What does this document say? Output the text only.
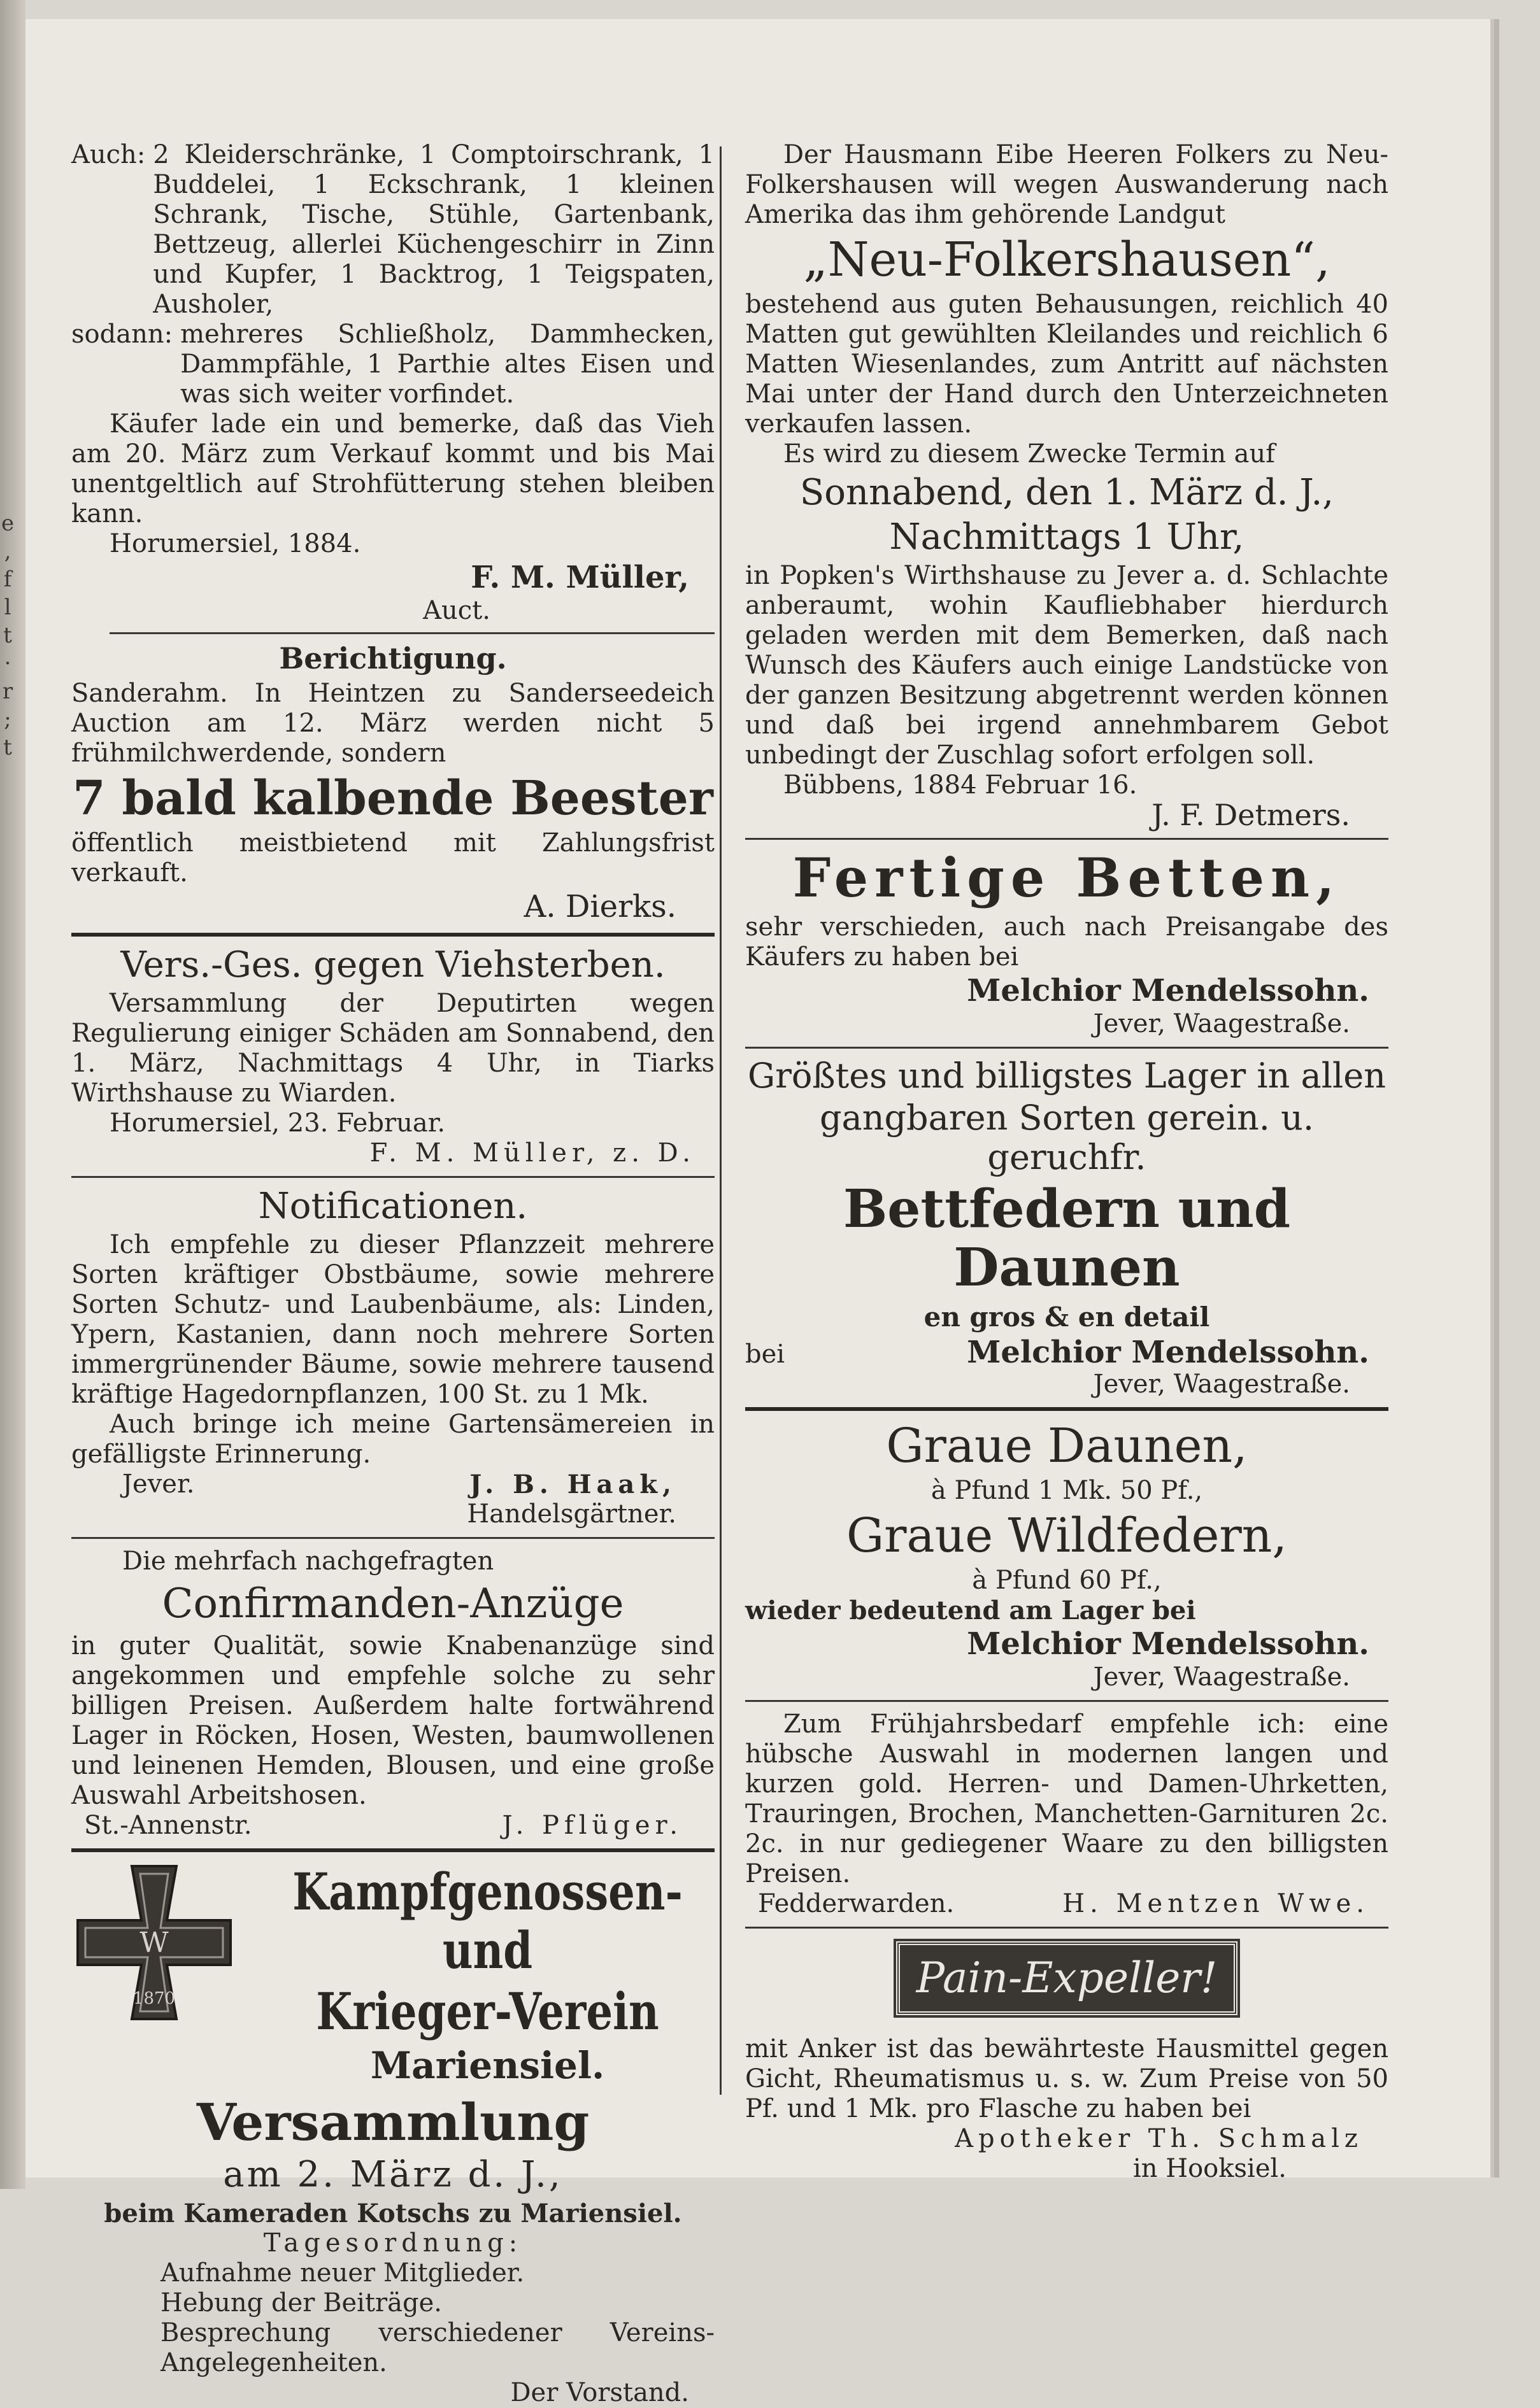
e
,
f
l
t
·
r
;
t
Auch: 2 Kleiderschränke, 1 Comptoirschrank, 1 Buddelei, 1 Eckschrank, 1 kleinen Schrank, Tische, Stühle, Gartenbank, Bettzeug, allerlei Küchengeschirr in Zinn und Kupfer, 1 Backtrog, 1 Teigspaten, Ausholer,
sodann: mehreres Schließholz, Dammhecken, Dammpfähle, 1 Parthie altes Eisen und was sich weiter vorfindet.

Käufer lade ein und bemerke, daß das Vieh am 20. März zum Verkauf kommt und bis Mai unentgeltlich auf Strohfütterung stehen bleiben kann.

Horumersiel, 1884.

F. M. Müller,

Auct.

Berichtigung.

Sanderahm. In Heintzen zu Sanderseedeich Auction am 12. März werden nicht 5 frühmilchwerdende, sondern

7 bald kalbende Beester

öffentlich meistbietend mit Zahlungsfrist verkauft.

A. Dierks.
Vers.-Ges. gegen Viehsterben.

Versammlung der Deputirten wegen Regulierung einiger Schäden am Sonnabend, den 1. März, Nachmittags 4 Uhr, in Tiarks Wirthshause zu Wiarden.

Horumersiel, 23. Februar.

F. M. Müller, z. D.

Notificationen.

Ich empfehle zu dieser Pflanzzeit mehrere Sorten kräftiger Obstbäume, sowie mehrere Sorten Schutz- und Laubenbäume, als: Linden, Ypern, Kastanien, dann noch mehrere Sorten immergrünender Bäume, sowie mehrere tausend kräftige Hagedornpflanzen, 100 St. zu 1 Mk.

Auch bringe ich meine Gartensämereien in gefälligste Erinnerung.

Jever.	J. B. Haak,

Handelsgärtner.

Die mehrfach nachgefragten

Confirmanden-Anzüge

in guter Qualität, sowie Knabenanzüge sind angekommen und empfehle solche zu sehr billigen Preisen. Außerdem halte fortwährend Lager in Röcken, Hosen, Westen, baumwollenen und leinenen Hemden, Blousen, und eine große Auswahl Arbeitshosen.

St.-Annenstr.	J. Pflüger.
W
1870
Kampfgenossen- und
Krieger-Verein
Mariensiel.
Versammlung
am 2. März d. J.,

beim Kameraden Kotschs zu Mariensiel.

Tagesordnung:

Aufnahme neuer Mitglieder.

Hebung der Beiträge.

Besprechung verschiedener Vereins-Angelegenheiten.

Der Vorstand.

Der Hausmann Eibe Heeren Folkers zu Neu-Folkershausen will wegen Auswanderung nach Amerika das ihm gehörende Landgut

„Neu-Folkershausen“,

bestehend aus guten Behausungen, reichlich 40 Matten gut gewühlten Kleilandes und reichlich 6 Matten Wiesenlandes, zum Antritt auf nächsten Mai unter der Hand durch den Unterzeichneten verkaufen lassen.

Es wird zu diesem Zwecke Termin auf

Sonnabend, den 1. März d. J.,
Nachmittags 1 Uhr,

in Popken's Wirthshause zu Jever a. d. Schlachte anberaumt, wohin Kaufliebhaber hierdurch geladen werden mit dem Bemerken, daß nach Wunsch des Käufers auch einige Landstücke von der ganzen Besitzung abgetrennt werden können und daß bei irgend annehmbarem Gebot unbedingt der Zuschlag sofort erfolgen soll.

Bübbens, 1884 Februar 16.

J. F. Detmers.

Fertige Betten,

sehr verschieden, auch nach Preisangabe des Käufers zu haben bei

Melchior Mendelssohn.

Jever, Waagestraße.

Größtes und billigstes Lager in allen
gangbaren Sorten gerein. u. geruchfr.
Bettfedern und Daunen
en gros & en detail
bei	Melchior Mendelssohn.

Jever, Waagestraße.

Graue Daunen,

à Pfund 1 Mk. 50 Pf.,

Graue Wildfedern,

à Pfund 60 Pf.,

wieder bedeutend am Lager bei

Melchior Mendelssohn.

Jever, Waagestraße.

Zum Frühjahrsbedarf empfehle ich: eine hübsche Auswahl in modernen langen und kurzen gold. Herren- und Damen-Uhrketten, Trauringen, Brochen, Manchetten-Garnituren 2c. 2c. in nur gediegener Waare zu den billigsten Preisen.

Fedderwarden.	H. Mentzen Wwe.
Pain-Expeller!

mit Anker ist das bewährteste Hausmittel gegen Gicht, Rheumatismus u. s. w. Zum Preise von 50 Pf. und 1 Mk. pro Flasche zu haben bei

Apotheker Th. Schmalz

in Hooksiel.
